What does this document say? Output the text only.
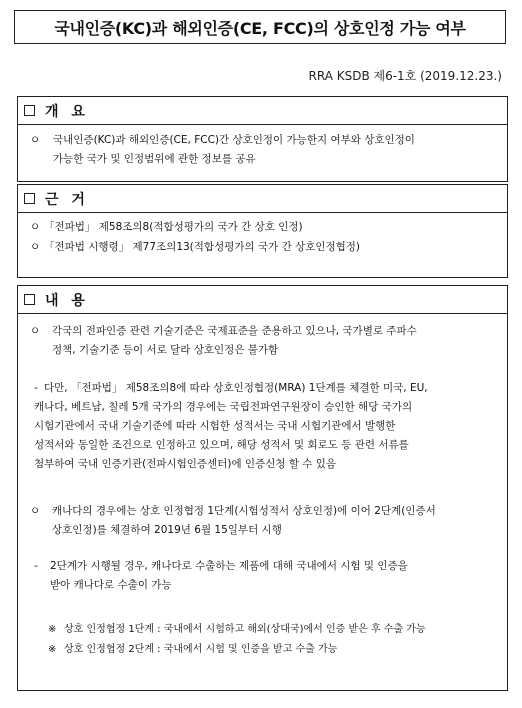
국내인증(KC)과 해외인증(CE, FCC)의 상호인정 가능 여부
RRA KSDB 제6-1호 (2019.12.23.)
개 요
ㅇ 국내인증(KC)과 해외인증(CE, FCC)간 상호인정이 가능한지 여부와 상호인정이
가능한 국가 및 인정범위에 관한 정보를 공유
근 거
ㅇ 「전파법」 제58조의8(적합성평가의 국가 간 상호 인정)
ㅇ 「전파법 시행령」 제77조의13(적합성평가의 국가 간 상호인정협정)
내 용
ㅇ 각국의 전파인증 관련 기술기준은 국제표준을 준용하고 있으나, 국가별로 주파수
정책, 기술기준 등이 서로 달라 상호인정은 불가함
- 다만, 「전파법」 제58조의8에 따라 상호인정협정(MRA) 1단계를 체결한 미국, EU,
캐나다, 베트남, 칠레 5개 국가의 경우에는 국립전파연구원장이 승인한 해당 국가의
시험기관에서 국내 기술기준에 따라 시험한 성적서는 국내 시험기관에서 발행한
성적서와 동일한 조건으로 인정하고 있으며, 해당 성적서 및 회로도 등 관련 서류를
첨부하여 국내 인증기관(전파시험인증센터)에 인증신청 할 수 있음
ㅇ 캐나다의 경우에는 상호 인정협정 1단계(시험성적서 상호인정)에 이어 2단계(인증서
상호인정)를 체결하여 2019년 6월 15일부터 시행
- 2단계가 시행될 경우, 캐나다로 수출하는 제품에 대해 국내에서 시험 및 인증을
받아 캐나다로 수출이 가능
※ 상호 인정협정 1단계 : 국내에서 시험하고 해외(상대국)에서 인증 받은 후 수출 가능
※ 상호 인정협정 2단계 : 국내에서 시험 및 인증을 받고 수출 가능
